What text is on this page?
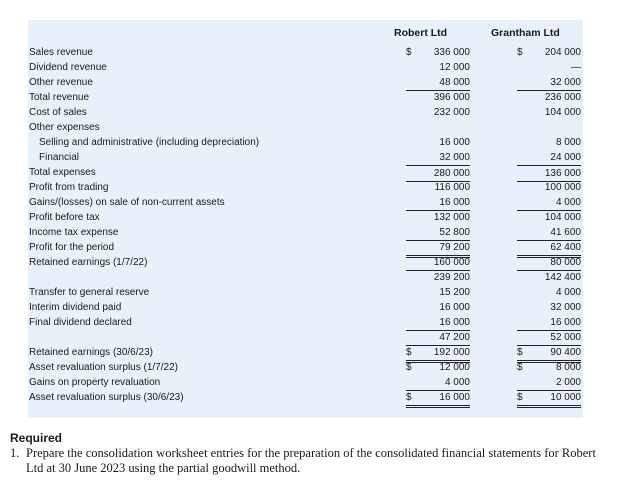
Robert Ltd	Grantham Ltd
Sales revenue	$ 336 000	$ 204 000
Dividend revenue	12 000	—
Other revenue	48 000	32 000
Total revenue	396 000	236 000
Cost of sales	232 000	104 000
Other expenses
Selling and administrative (including depreciation)	16 000	8 000
Financial	32 000	24 000
Total expenses	280 000	136 000
Profit from trading	116 000	100 000
Gains/(losses) on sale of non-current assets	16 000	4 000
Profit before tax	132 000	104 000
Income tax expense	52 800	41 600
Profit for the period	79 200	62 400
Retained earnings (1/7/22)	160 000	80 000
239 200	142 400
Transfer to general reserve	15 200	4 000
Interim dividend paid	16 000	32 000
Final dividend declared	16 000	16 000
47 200	52 000
Retained earnings (30/6/23)	$ 192 000	$	90 400
Asset revaluation surplus (1/7/22)	$	12 000	$	8 000
Gains on property revaluation	4 000	2 000
Asset revaluation surplus (30/6/23)	$	16 000	$	10 000
Required
1. Prepare the consolidation worksheet entries for the preparation of the consolidated financial statements for Robert Ltd at 30 June 2023 using the partial goodwill method.
